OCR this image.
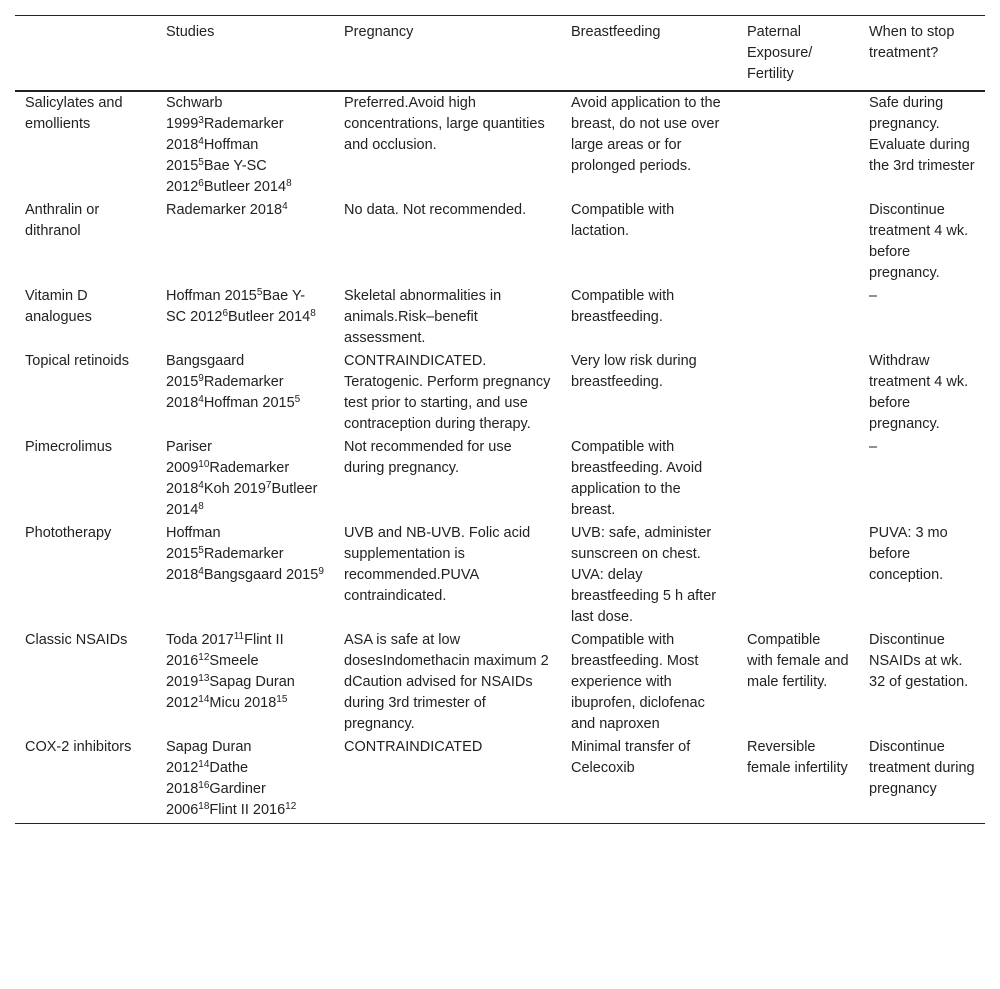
	Studies	Pregnancy	Breastfeeding	Paternal Exposure/ Fertility	When to stop treatment?
Salicylates and emollients	Schwarb 1999$^3$Rademarker 2018$^4$Hoffman 2015$^5$Bae Y-SC 2012$^6$Butleer 2014$^8$	Preferred.Avoid high concentrations, large quantities and occlusion.	Avoid application to the breast, do not use over large areas or for prolonged periods.		Safe during pregnancy. Evaluate during the 3rd trimester
Anthralin or dithranol	Rademarker 2018$^4$	No data. Not recommended.	Compatible with lactation.		Discontinue treatment 4 wk. before pregnancy.
Vitamin D analogues	Hoffman 2015$^5$Bae Y-SC 2012$^6$Butleer 2014$^8$	Skeletal abnormalities in animals.Risk–benefit assessment.	Compatible with breastfeeding.		–
Topical retinoids	Bangsgaard 2015$^9$Rademarker 2018$^4$Hoffman 2015$^5$	CONTRAINDICATED. Teratogenic. Perform pregnancy test prior to starting, and use contraception during therapy.	Very low risk during breastfeeding.		Withdraw treatment 4 wk. before pregnancy.
Pimecrolimus	Pariser 2009$^{10}$Rademarker 2018$^4$Koh 2019$^7$Butleer 2014$^8$	Not recommended for use during pregnancy.	Compatible with breastfeeding. Avoid application to the breast.		–
Phototherapy	Hoffman 2015$^5$Rademarker 2018$^4$Bangsgaard 2015$^9$	UVB and NB-UVB. Folic acid supplementation is recommended.PUVA contraindicated.	UVB: safe, administer sunscreen on chest. UVA: delay breastfeeding 5 h after last dose.		PUVA: 3 mo before conception.
Classic NSAIDs	Toda 2017$^{11}$Flint II 2016$^{12}$Smeele 2019$^{13}$Sapag Duran 2012$^{14}$Micu 2018$^{15}$	ASA is safe at low dosesIndomethacin maximum 2 dCaution advised for NSAIDs during 3rd trimester of pregnancy.	Compatible with breastfeeding. Most experience with ibuprofen, diclofenac and naproxen	Compatible with female and male fertility.	Discontinue NSAIDs at wk. 32 of gestation.
COX-2 inhibitors	Sapag Duran 2012$^{14}$Dathe 2018$^{16}$Gardiner 2006$^{18}$Flint II 2016$^{12}$	CONTRAINDICATED	Minimal transfer of Celecoxib	Reversible female infertility	Discontinue treatment during pregnancy
